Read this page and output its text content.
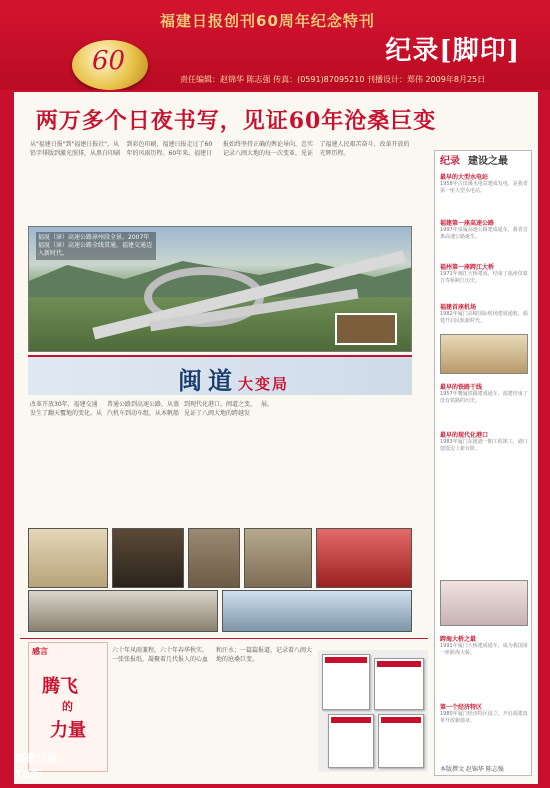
60
福建日报创刊60周年纪念特刊
纪录[脚印]
责任编辑：赵锦华 陈志强 传真：(0591)87095210 刊播设计：郑伟 2009年8月25日
两万多个日夜书写，见证60年沧桑巨变
从"福建日报"到"福建日报社"，从铅字排版到激光照排，从黑白印刷到彩色印刷，福建日报走过了60年的风雨历程。60年来，福建日报始终坚持正确的舆论导向，忠实记录八闽大地的每一次变革，见证了福建人民艰苦奋斗、改革开放的光辉历程。
福厦（漳）高速公路漳州段全景。2007年福厦（漳）高速公路全线贯通，福建交通迈入新时代。
闽道大变局
改革开放30年，福建交通发生了翻天覆地的变化。从普通公路到高速公路，从蒸汽机车到动车组，从木帆船到现代化港口，闽道之变，见证了八闽大地的跨越发展。
感言
腾飞
的
力量
六十年风雨兼程，六十年春华秋实。一张张报纸，凝聚着几代报人的心血和汗水；一篇篇报道，记录着八闽大地的沧桑巨变。
纪录 建设之最
最早的大型水电站
1958年古田溪水电站建成发电，是我省第一座大型水电站。
福建第一座高速公路
1997年泉厦高速公路建成通车，我省首条高速公路诞生。
福州第一座跨江大桥
1971年闽江大桥建成，结束了福州仅靠万寿桥跨江历史。
福建首座机场
1982年厦门高崎国际机场建成通航，福建开启民航新时代。
最早的铁路干线
1957年鹰厦铁路建成通车，福建结束了没有铁路的历史。
最早的现代化港口
1983年厦门东渡港一期工程竣工，港口建设迈上新台阶。
跨海大桥之最
1991年厦门大桥建成通车，成为我国第一座跨海大桥。
第一个经济特区
1980年厦门经济特区设立，开启福建改革开放新篇章。
本版撰文 赵锦华 陈志强
福建日报
T4版
